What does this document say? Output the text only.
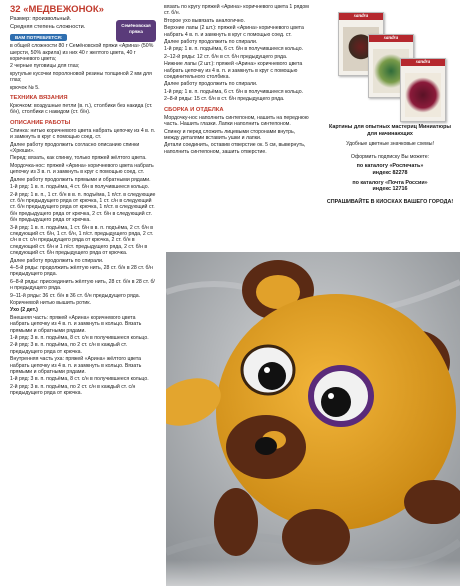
32 «МЕДВЕЖОНОК»

Размер: произвольный.

Средняя степень сложности.

ВАМ ПОТРЕБУЕТСЯ:

в общей сложности 80 г Семёновской пряжи «Арина» (50% шерсти, 50% акрила) из них 40 г желтого цвета, 40 г коричневого цвета;

2 черные пуговицы для глаз;

кругулые кусочки поролоновой резины толщиной 2 мм для глаз;

крючок № 5.

ТЕХНИКА ВЯЗАНИЯ

Крючком: воздушные петли (в. п.), столбики без накида (ст. б/н), столбики с накидом (ст. б/н).

ОПИСАНИЕ РАБОТЫ

Спинка: нитью коричневого цвета набрать цепочку из 4 в. п. и замкнуть в круг с помощью соед. ст.

Далее работу продолжить согласно описанию спинки «Хрюши».

Перед: вязать, как спинку, только пряжей жёлтого цвета.

Мордочка-нос: пряжей «Арина» коричневого цвета набрать цепочку из 3 в. п. и замкнуть в круг с помощью соед. ст.

Далее работу продолжить прямыми и обратными рядами.

1-й ряд: 1 в. п. подъёма, 4 ст. б/н в получившееся кольцо.

2-й ряд: 1 в. п., 1 ст. б/н в в. п. подъёма, 1 п/ст. в следующие ст. б/н предыдущего ряда от крючка, 1 ст. с/н в следующий ст. б/н предыдущего ряда от крючка, 1 п/ст. в следующий ст. б/н предыдущего ряда от крючка, 2 ст. б/н в следующий ст. б/н предыдущего ряда от крючка.

3-й ряд: 1 в. п. подъёма, 1 ст. б/н в в. п. подъёма, 2 ст. б/н в следующий ст. б/н, 1 ст. б/н, 1 п/ст. предыдущего ряда, 2 ст. с/н в ст. с/н предыдущего ряда от крючка, 2 ст. б/н в следующий ст. б/н и 1 п/ст. предыдущего ряда, 2 ст. б/н в следующий ст. б/н предыдущего ряда от крючка.

Далее работу продолжить по спирали.

4–5-й ряды: продолжить жёлтую нить, 28 ст. б/н в 28 ст. б/н предыдущего ряда.

6–8-й ряды: присоединить жёлтую нить, 28 ст. б/н в 28 ст. б/н предыдущего ряда.

9–11-й ряды: 36 ст. б/н в 36 ст. б/н предыдущего ряда.

Коричневой нитью вышить ротик.

Ухо (2 дет.)

Внешняя часть: пряжей «Арина» коричневого цвета набрать цепочку из 4 в. п. и замкнуть в кольцо. Вязать прямыми и обратными рядами.

1-й ряд: 3 в. п. подъёма, 8 ст. с/н в получившееся кольцо.

2-й ряд: 3 в. п. подъёма, по 2 ст. с/н в каждый ст. предыдущего ряда от крючка.

Внутренняя часть уха: пряжей «Арина» жёлтого цвета набрать цепочку из 4 в. п. и замкнуть в кольцо. Вязать прямыми и обратными рядами.

1-й ряд: 3 в. п. подъёма, 8 ст. с/н в получившееся кольцо.

2-й ряд: 3 в. п. подъёма, по 2 ст. с/н в каждый ст. с/н предыдущего ряда от крючка.

Семёновская пряжа

вязать по кругу пряжей «Арина» коричневого цвета 1 рядом ст. б/н.

Второе ухо вывязать аналогично.

Верхние лапы (2 шт.): пряжей «Арина» коричневого цвета набрать 4 в. п. и замкнуть в круг с помощью соед. ст.

Далее работу продолжить по спирали.

1-й ряд: 1 в. п. подъёма, 6 ст. б/н в получившееся кольцо.

2–12-й ряды: 12 ст. б/н в ст. б/н предыдущего ряда.

Нижние лапы (2 шт.): пряжей «Арина» коричневого цвета набрать цепочку из 4 в. п. и замкнуть в круг с помощью соединительного столбика.

Далее работу продолжить по спирали.

1-й ряд: 1 в. п. подъёма, 6 ст. б/н в получившееся кольцо.

2–8-й ряды: 15 ст. б/н в ст. б/н предыдущего ряда.

СБОРКА И ОТДЕЛКА

Мордочку-нос наполнить синтепоном, нашить на переднюю часть. Нашить глазки. Лапки наполнить синтепоном.

Спинку и перед сложить лицевыми сторонами внутрь, между деталями вставить ушки и лапки.

Детали соединить, оставив отверстие ок. 5 см, вывернуть, наполнить синтепоном, зашить отверстие.

sandra
sandra
sandra

Картины для опытных мастериц Миниатюры для начинающих

Удобные цветные значковые схемы!

Оформить подписку Вы можете:

по каталогу «Роспечать»

индекс 82278

по каталогу «Почта России»

индекс 12716

СПРАШИВАЙТЕ В КИОСКАХ ВАШЕГО ГОРОДА!
